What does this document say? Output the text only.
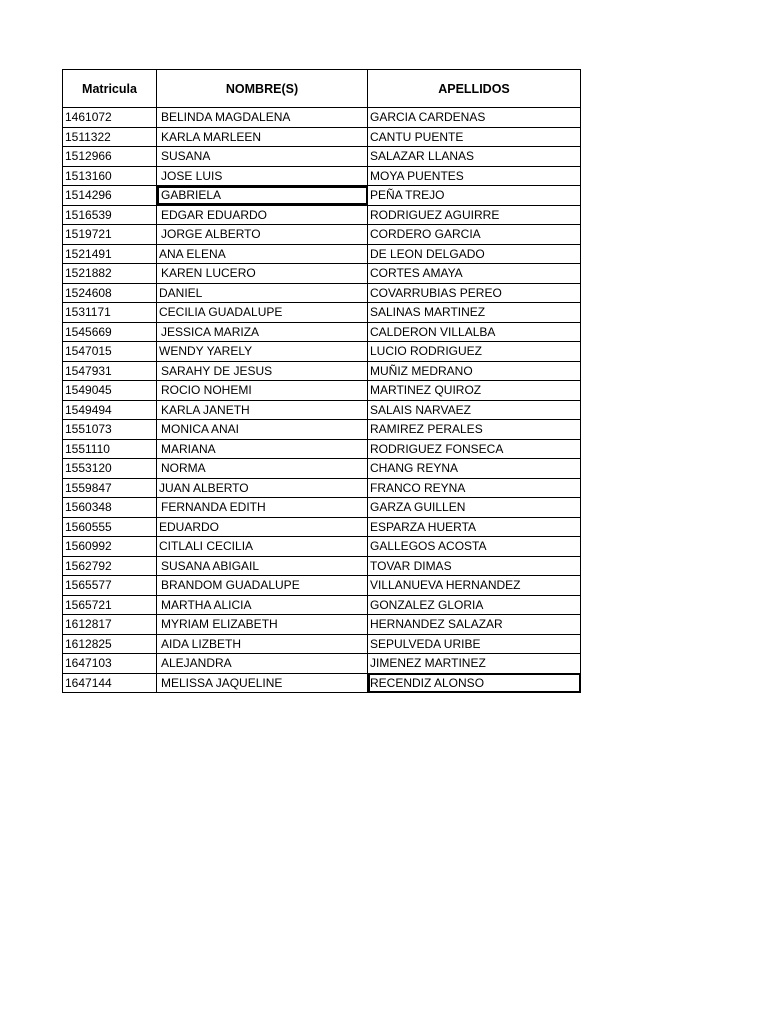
Matricula	NOMBRE(S)	APELLIDOS
1461072	BELINDA MAGDALENA	GARCIA CARDENAS
1511322	KARLA MARLEEN	CANTU PUENTE
1512966	SUSANA	SALAZAR LLANAS
1513160	JOSE LUIS	MOYA PUENTES
1514296	GABRIELA	PEÑA TREJO
1516539	EDGAR EDUARDO	RODRIGUEZ AGUIRRE
1519721	JORGE ALBERTO	CORDERO GARCIA
1521491	ANA ELENA	DE LEON DELGADO
1521882	KAREN LUCERO	CORTES AMAYA
1524608	DANIEL	COVARRUBIAS PEREO
1531171	CECILIA GUADALUPE	SALINAS MARTINEZ
1545669	JESSICA MARIZA	CALDERON VILLALBA
1547015	WENDY YARELY	LUCIO RODRIGUEZ
1547931	SARAHY DE JESUS	MUÑIZ MEDRANO
1549045	ROCIO NOHEMI	MARTINEZ QUIROZ
1549494	KARLA JANETH	SALAIS NARVAEZ
1551073	MONICA ANAI	RAMIREZ PERALES
1551110	MARIANA	RODRIGUEZ FONSECA
1553120	NORMA	CHANG REYNA
1559847	JUAN ALBERTO	FRANCO REYNA
1560348	FERNANDA EDITH	GARZA GUILLEN
1560555	EDUARDO	ESPARZA HUERTA
1560992	CITLALI CECILIA	GALLEGOS ACOSTA
1562792	SUSANA ABIGAIL	TOVAR DIMAS
1565577	BRANDOM GUADALUPE	VILLANUEVA HERNANDEZ
1565721	MARTHA ALICIA	GONZALEZ GLORIA
1612817	MYRIAM ELIZABETH	HERNANDEZ SALAZAR
1612825	AIDA LIZBETH	SEPULVEDA URIBE
1647103	ALEJANDRA	JIMENEZ MARTINEZ
1647144	MELISSA JAQUELINE	RECENDIZ ALONSO
